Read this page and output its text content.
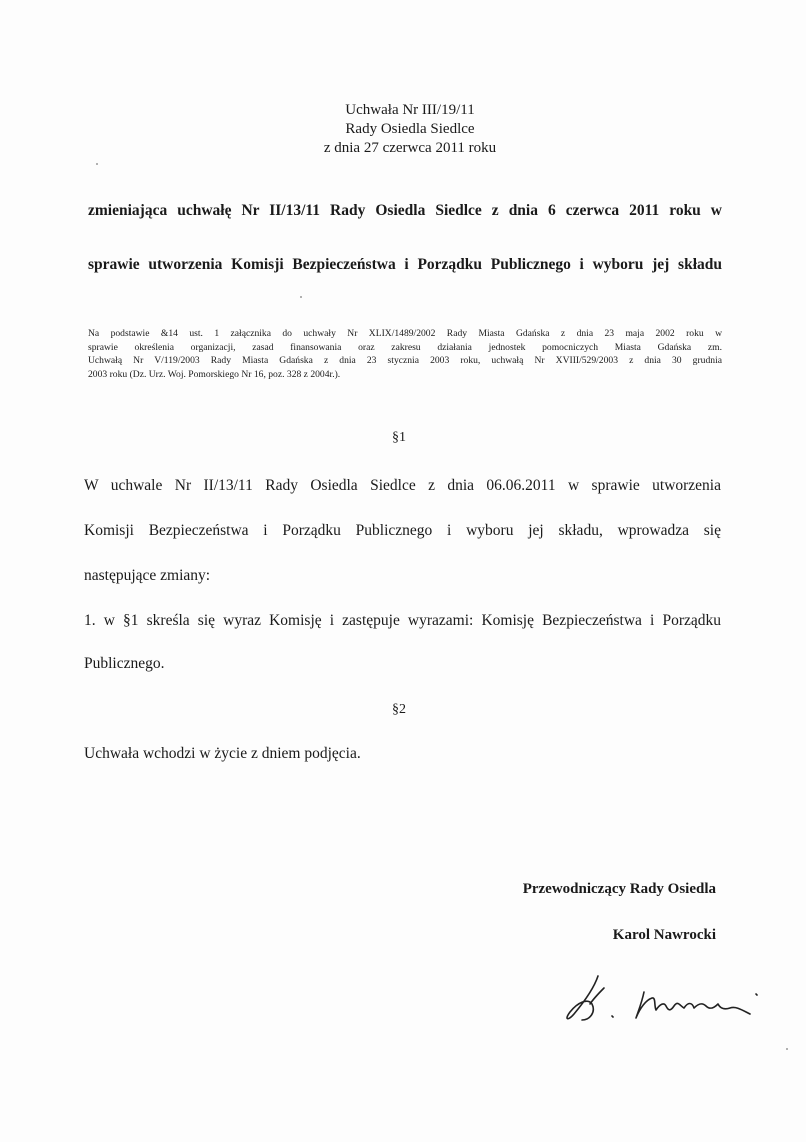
Uchwała Nr III/19/11
Rady Osiedla Siedlce
z dnia 27 czerwca 2011 roku
zmieniająca uchwałę Nr II/13/11 Rady Osiedla Siedlce z dnia 6 czerwca 2011 roku w
sprawie utworzenia Komisji Bezpieczeństwa i Porządku Publicznego i wyboru jej składu
Na podstawie &14 ust. 1 załącznika do uchwały Nr XLIX/1489/2002 Rady Miasta Gdańska z dnia 23 maja 2002 roku w
sprawie określenia organizacji, zasad finansowania oraz zakresu działania jednostek pomocniczych Miasta Gdańska zm.
Uchwałą Nr V/119/2003 Rady Miasta Gdańska z dnia 23 stycznia 2003 roku, uchwałą Nr XVIII/529/2003 z dnia 30 grudnia
2003 roku (Dz. Urz. Woj. Pomorskiego Nr 16, poz. 328 z 2004r.).
§1
W uchwale Nr II/13/11 Rady Osiedla Siedlce z dnia 06.06.2011 w sprawie utworzenia
Komisji Bezpieczeństwa i Porządku Publicznego i wyboru jej składu, wprowadza się
następujące zmiany:
1. w §1 skreśla się wyraz Komisję i zastępuje wyrazami: Komisję Bezpieczeństwa i Porządku
Publicznego.
§2
Uchwała wchodzi w życie z dniem podjęcia.
Przewodniczący Rady Osiedla
Karol Nawrocki
